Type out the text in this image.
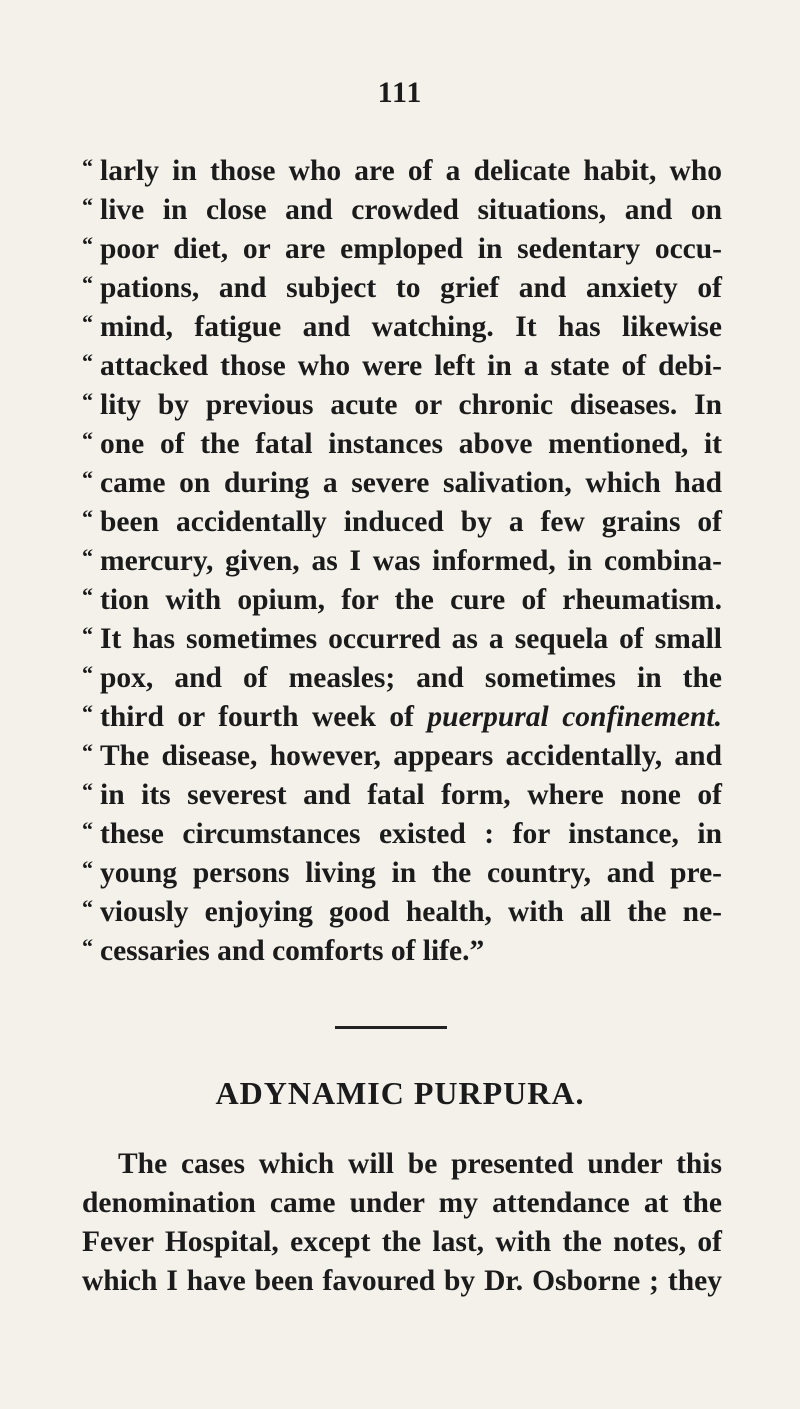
111
“ larly in those who are of a delicate habit, who
“ live in close and crowded situations, and on
“ poor diet, or are emploped in sedentary occu-
“ pations, and subject to grief and anxiety of
“ mind, fatigue and watching. It has likewise
“ attacked those who were left in a state of debi-
“ lity by previous acute or chronic diseases. In
“ one of the fatal instances above mentioned, it
“ came on during a severe salivation, which had
“ been accidentally induced by a few grains of
“ mercury, given, as I was informed, in combina-
“ tion with opium, for the cure of rheumatism.
“ It has sometimes occurred as a sequela of small
“ pox, and of measles; and sometimes in the
“ third or fourth week of puerpural confinement.
“ The disease, however, appears accidentally, and
“ in its severest and fatal form, where none of
“ these circumstances existed : for instance, in
“ young persons living in the country, and pre-
“ viously enjoying good health, with all the ne-
“ cessaries and comforts of life.”
ADYNAMIC PURPURA.
The cases which will be presented under this
denomination came under my attendance at the
Fever Hospital, except the last, with the notes, of
which I have been favoured by Dr. Osborne ; they
